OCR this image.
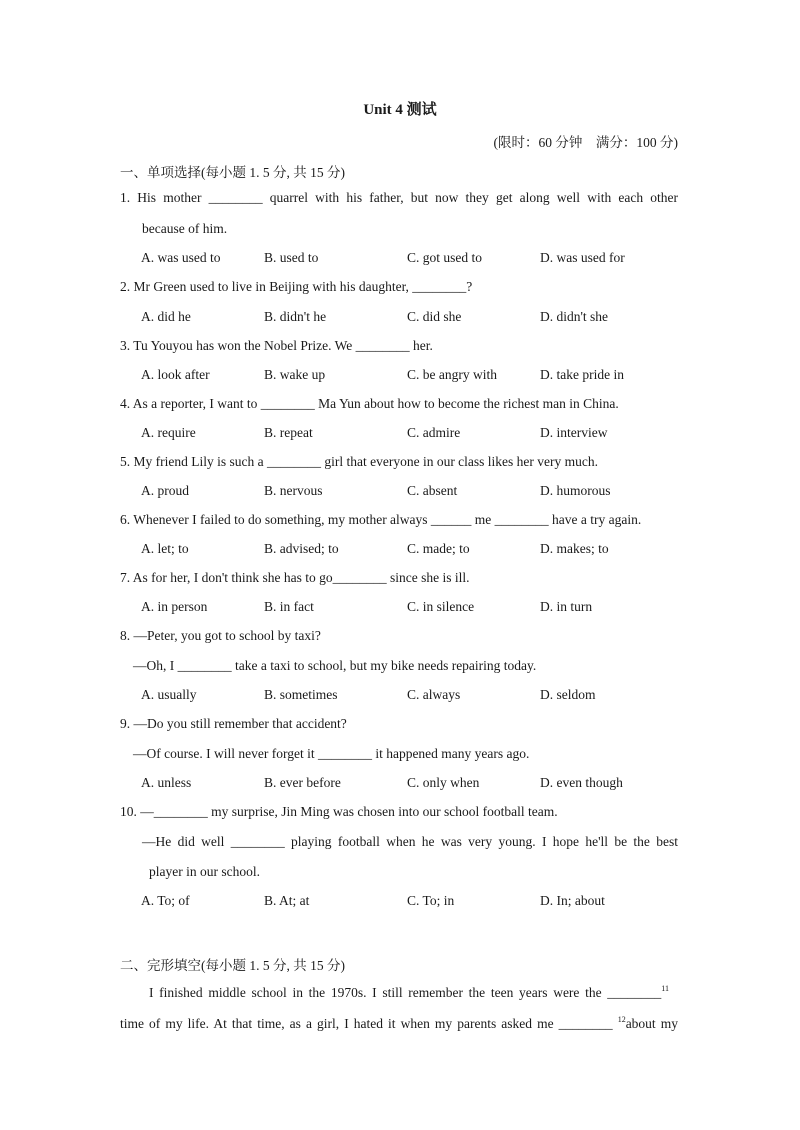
Unit 4 测试
(限时：60 分钟　满分：100 分)
一、单项选择(每小题 1. 5 分, 共 15 分)
1. His mother ________ quarrel with his father, but now they get along well with each other
because of him.
A. was used to	B. used to	C. got used to	D. was used for
2. Mr Green used to live in Beijing with his daughter, ________?
A. did he	B. didn't he	C. did she	D. didn't she
3. Tu Youyou has won the Nobel Prize. We ________ her.
A. look after	B. wake up	C. be angry with	D. take pride in
4. As a reporter, I want to ________ Ma Yun about how to become the richest man in China.
A. require	B. repeat	C. admire	D. interview
5. My friend Lily is such a ________ girl that everyone in our class likes her very much.
A. proud	B. nervous	C. absent	D. humorous
6. Whenever I failed to do something, my mother always ______ me ________ have a try again.
A. let; to	B. advised; to	C. made; to	D. makes; to
7. As for her, I don't think she has to go________ since she is ill.
A. in person	B. in fact	C. in silence	D. in turn
8. —Peter, you got to school by taxi?
—Oh, I ________ take a taxi to school, but my bike needs repairing today.
A. usually	B. sometimes	C. always	D. seldom
9. —Do you still remember that accident?
—Of course. I will never forget it ________ it happened many years ago.
A. unless	B. ever before	C. only when	D. even though
10. —________ my surprise, Jin Ming was chosen into our school football team.
—He did well ________ playing football when he was very young. I hope he'll be the best
player in our school.
A. To; of	B. At; at	C. To; in	D. In; about
二、完形填空(每小题 1. 5 分, 共 15 分)
I finished middle school in the 1970s. I still remember the teen years were the ________$^{11}$
time of my life. At that time, as a girl, I hated it when my parents asked me ________ $^{12}$about my
